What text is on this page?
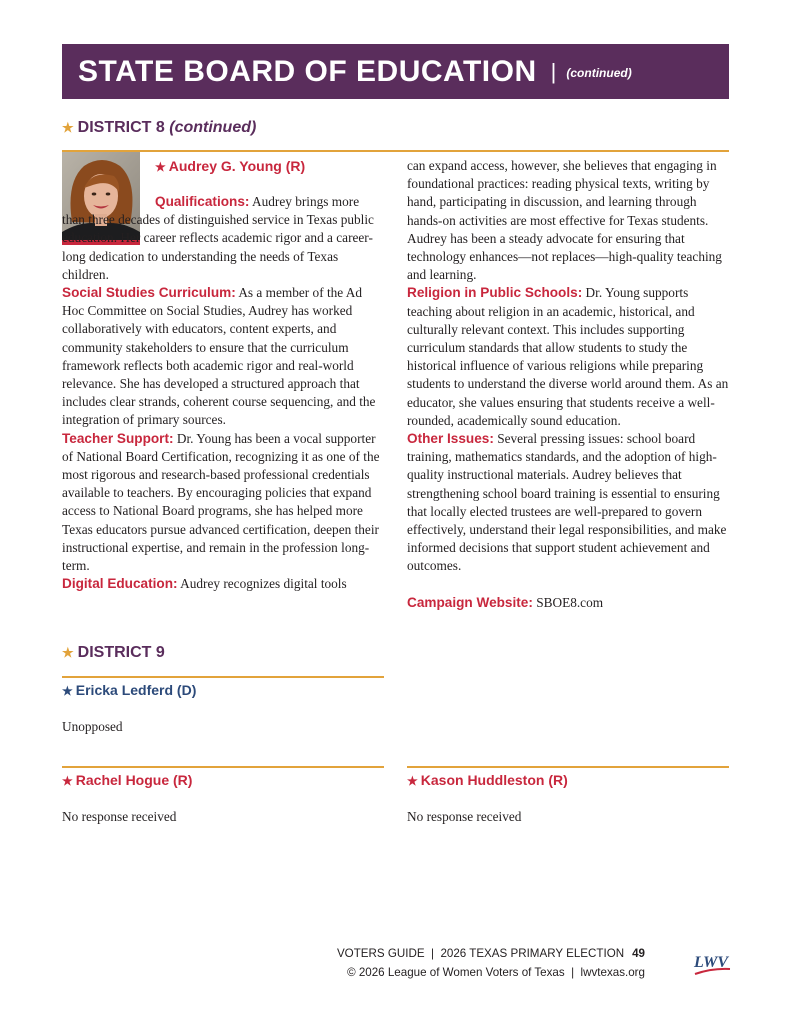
STATE BOARD OF EDUCATION | (continued)
★ DISTRICT 8 (continued)
★ Audrey G. Young (R)

Qualifications: Audrey brings more than three decades of distinguished service in Texas public education. Her career reflects academic rigor and a career-long dedication to understanding the needs of Texas children.

Social Studies Curriculum: As a member of the Ad Hoc Committee on Social Studies, Audrey has worked collaboratively with educators, content experts, and community stakeholders to ensure that the curriculum framework reflects both academic rigor and real-world relevance. She has developed a structured approach that includes clear strands, coherent course sequencing, and the integration of primary sources.

Teacher Support: Dr. Young has been a vocal supporter of National Board Certification, recognizing it as one of the most rigorous and research-based professional credentials available to teachers. By encouraging policies that expand access to National Board programs, she has helped more Texas educators pursue advanced certification, deepen their instructional expertise, and remain in the profession long-term.

Digital Education: Audrey recognizes digital tools

can expand access, however, she believes that engaging in foundational practices: reading physical texts, writing by hand, participating in discussion, and learning through hands-on activities are most effective for Texas students. Audrey has been a steady advocate for ensuring that technology enhances—not replaces—high-quality teaching and learning.

Religion in Public Schools: Dr. Young supports teaching about religion in an academic, historical, and culturally relevant context. This includes supporting curriculum standards that allow students to study the historical influence of various religions while preparing students to understand the diverse world around them. As an educator, she values ensuring that students receive a well-rounded, academically sound education.

Other Issues: Several pressing issues: school board training, mathematics standards, and the adoption of high-quality instructional materials. Audrey believes that strengthening school board training is essential to ensuring that locally elected trustees are well-prepared to govern effectively, understand their legal responsibilities, and make informed decisions that support student achievement and outcomes.

Campaign Website: SBOE8.com

★ DISTRICT 9
★ Ericka Ledferd (D)
Unopposed
★ Rachel Hogue (R)
No response received
★ Kason Huddleston (R)
No response received
VOTERS GUIDE  |  2026 TEXAS PRIMARY ELECTION 49
© 2026 League of Women Voters of Texas  |  lwvtexas.org
LWV
